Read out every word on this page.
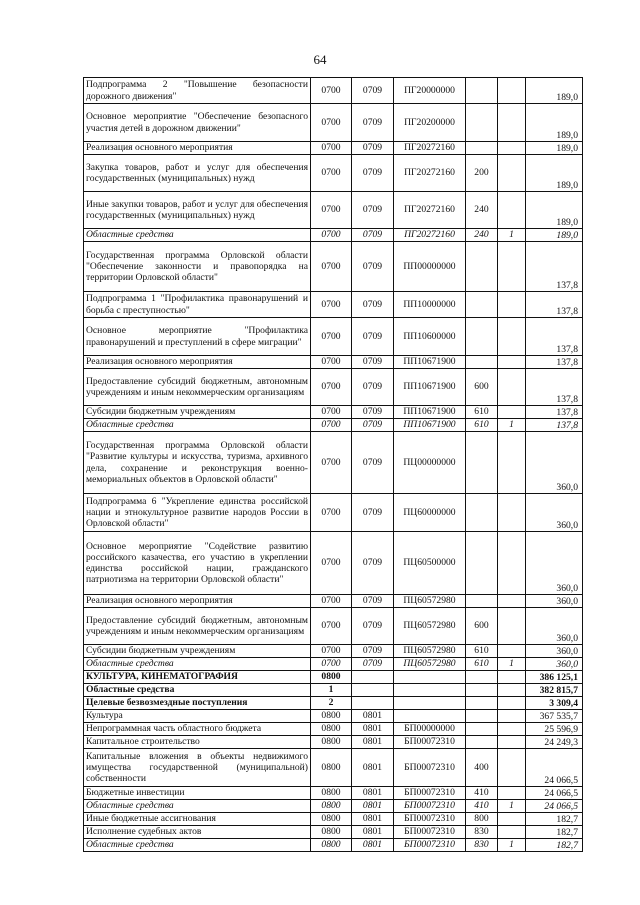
64
Подпрограмма 2 "Повышение безопасности дорожного движения"	0700	0709	ПГ20000000			189,0
Основное мероприятие "Обеспечение безопасного участия детей в дорожном движении"	0700	0709	ПГ20200000			189,0
Реализация основного мероприятия	0700	0709	ПГ20272160			189,0
Закупка товаров, работ и услуг для обеспечения государственных (муниципальных) нужд	0700	0709	ПГ20272160	200		189,0
Иные закупки товаров, работ и услуг для обеспечения государственных (муниципальных) нужд	0700	0709	ПГ20272160	240		189,0
Областные средства	0700	0709	ПГ20272160	240	1	189,0
Государственная программа Орловской области "Обеспечение законности и правопорядка на территории Орловской области"	0700	0709	ПП00000000			137,8
Подпрограмма 1 "Профилактика правонарушений и борьба с преступностью"	0700	0709	ПП10000000			137,8
Основное мероприятие "Профилактика правонарушений и преступлений в сфере миграции"	0700	0709	ПП10600000			137,8
Реализация основного мероприятия	0700	0709	ПП10671900			137,8
Предоставление субсидий бюджетным, автономным учреждениям и иным некоммерческим организациям	0700	0709	ПП10671900	600		137,8
Субсидии бюджетным учреждениям	0700	0709	ПП10671900	610		137,8
Областные средства	0700	0709	ПП10671900	610	1	137,8
Государственная программа Орловской области "Развитие культуры и искусства, туризма, архивного дела, сохранение и реконструкция военно-мемориальных объектов в Орловской области"	0700	0709	ПЦ00000000			360,0
Подпрограмма 6 "Укрепление единства российской нации и этнокультурное развитие народов России в Орловской области"	0700	0709	ПЦ60000000			360,0
Основное мероприятие "Содействие развитию российского казачества, его участию в укреплении единства российской нации, гражданского патриотизма на территории Орловской области"	0700	0709	ПЦ60500000			360,0
Реализация основного мероприятия	0700	0709	ПЦ60572980			360,0
Предоставление субсидий бюджетным, автономным учреждениям и иным некоммерческим организациям	0700	0709	ПЦ60572980	600		360,0
Субсидии бюджетным учреждениям	0700	0709	ПЦ60572980	610		360,0
Областные средства	0700	0709	ПЦ60572980	610	1	360,0
КУЛЬТУРА, КИНЕМАТОГРАФИЯ	0800					386 125,1
Областные средства	1					382 815,7
Целевые безвозмездные поступления	2					3 309,4
Культура	0800	0801				367 535,7
Непрограммная часть областного бюджета	0800	0801	БП00000000			25 596,9
Капитальное строительство	0800	0801	БП00072310			24 249,3
Капитальные вложения в объекты недвижимого имущества государственной (муниципальной) собственности	0800	0801	БП00072310	400		24 066,5
Бюджетные инвестиции	0800	0801	БП00072310	410		24 066,5
Областные средства	0800	0801	БП00072310	410	1	24 066,5
Иные бюджетные ассигнования	0800	0801	БП00072310	800		182,7
Исполнение судебных актов	0800	0801	БП00072310	830		182,7
Областные средства	0800	0801	БП00072310	830	1	182,7
